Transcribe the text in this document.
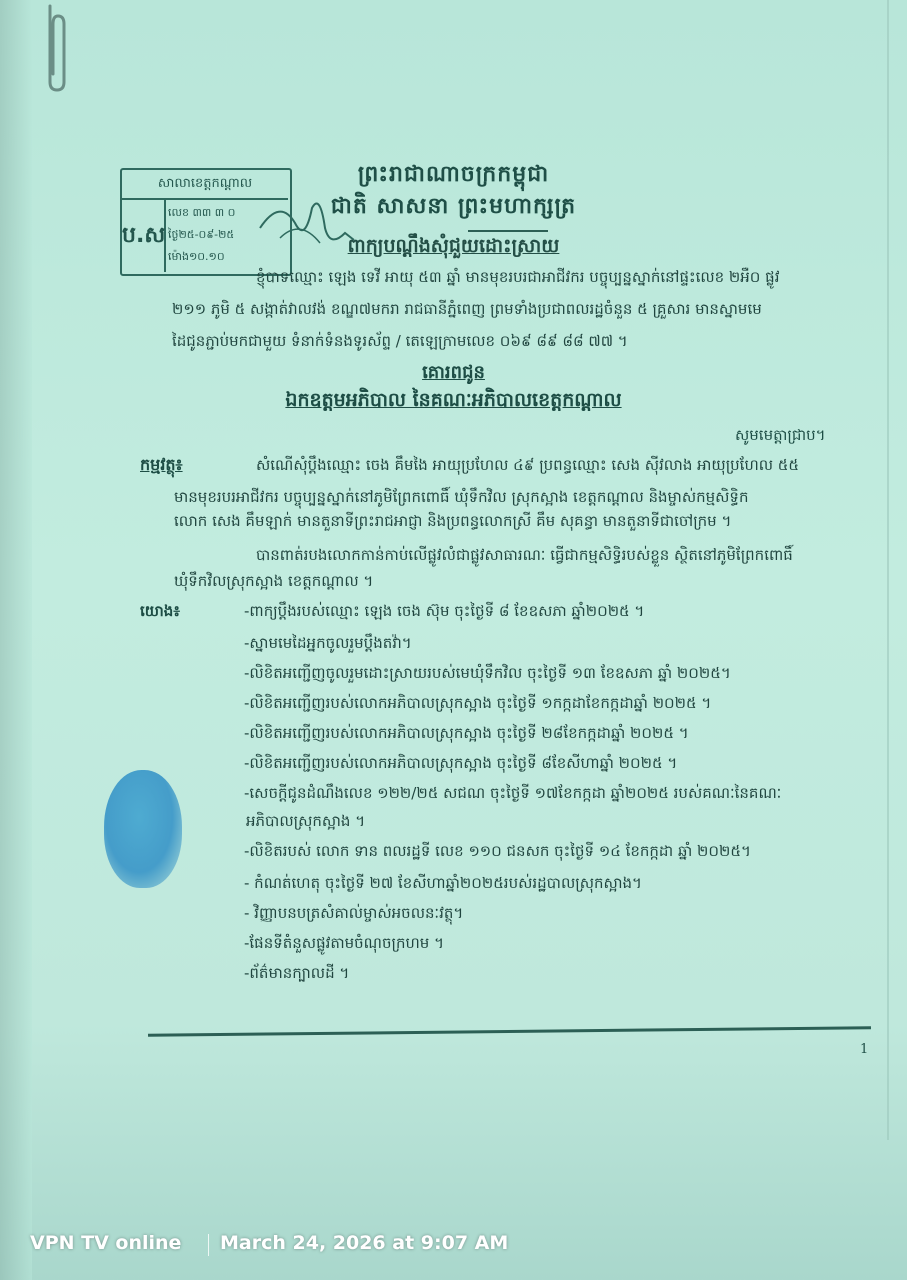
សាលាខេត្តកណ្តាល
ប.ស
លេខ ៣៣ ៣ ០
ថ្ងៃ២៥-០៩-២៥
ម៉ោង១០.១០
ព្រះរាជាណាចក្រកម្ពុជា
ជាតិ សាសនា ព្រះមហាក្សត្រ
ពាក្យបណ្តឹងសុំជួយដោះស្រាយ
ខ្ញុំបាទឈ្មោះ ឡេង ទេវី អាយុ ៥៣ ឆ្នាំ មានមុខរបរជាអាជីវករ បច្ចុប្បន្នស្នាក់នៅផ្ទះលេខ ២អឺ០ ផ្លូវ
២១១ ភូមិ ៥ សង្កាត់វាលវង់ ខណ្ឌ៧មករា រាជធានីភ្នំពេញ ព្រមទាំងប្រជាពលរដ្ឋចំនួន ៥ គ្រួសារ មានស្នាមមេ
ដៃជូនភ្ជាប់មកជាមួយ ទំនាក់ទំនងទូរស័ព្ទ / តេឡេក្រាមលេខ ០៦៩ ៨៩ ៨៨ ៧៧ ។
គោរពជូន
ឯកឧត្តមអភិបាល នៃគណៈអភិបាលខេត្តកណ្តាល
សូមមេត្តាជ្រាប។
កម្មវត្ថុ៖	សំណើសុំប្តឹងឈ្មោះ ចេង គឹមងៃ អាយុប្រហែល ៤៩ ប្រពន្ធឈ្មោះ សេង ស៊ីវលាង អាយុប្រហែល ៥៥
មានមុខរបរអាជីវករ បច្ចុប្បន្នស្នាក់នៅភូមិព្រែកពោធិ៍ ឃុំទឹកវិល ស្រុកស្អាង ខេត្តកណ្តាល និងម្ចាស់កម្មសិទ្ធិក
លោក សេង គឹមឡាក់ មានតួនាទីព្រះរាជអាជ្ញា និងប្រពន្ធលោកស្រី គឹម សុគន្ធា មានតួនាទីជាចៅក្រម ។
បានពាត់របងលោកកាន់កាប់លើផ្លូវលំជាផ្លូវសាធារណៈ ធ្វើជាកម្មសិទ្ធិរបស់ខ្លួន ស្ថិតនៅភូមិព្រែកពោធិ៍
ឃុំទឹកវិលស្រុកស្អាង ខេត្តកណ្តាល ។
យោង៖	-ពាក្យប្តឹងរបស់ឈ្មោះ ឡេង ចេង ស៊ុម ចុះថ្ងៃទី ៨ ខែឧសភា ឆ្នាំ២០២៥ ។
-ស្នាមមេដៃអ្នកចូលរួមប្តឹងតវ៉ា។
-លិខិតអញ្ជើញចូលរួមដោះស្រាយរបស់មេឃុំទឹកវិល ចុះថ្ងៃទី ១៣ ខែឧសភា ឆ្នាំ ២០២៥។
-លិខិតអញ្ជើញរបស់លោកអភិបាលស្រុកស្អាង ចុះថ្ងៃទី ១កក្កដាខែកក្កដាឆ្នាំ ២០២៥ ។
-លិខិតអញ្ជើញរបស់លោកអភិបាលស្រុកស្អាង ចុះថ្ងៃទី ២៨ខែកក្កដាឆ្នាំ ២០២៥ ។
-លិខិតអញ្ជើញរបស់លោកអភិបាលស្រុកស្អាង ចុះថ្ងៃទី ៨ខែសីហាឆ្នាំ ២០២៥ ។
-សេចក្តីជូនដំណឹងលេខ ១២២/២៥ សជណ ចុះថ្ងៃទី ១៧ខែកក្កដា ឆ្នាំ២០២៥ របស់គណៈនៃគណៈ
អភិបាលស្រុកស្អាង ។
-លិខិតរបស់ លោក ទាន ពលរដ្ឋទី លេខ ១១០ ជនសក ចុះថ្ងៃទី ១៤ ខែកក្កដា ឆ្នាំ ២០២៥។
- កំណត់ហេតុ ចុះថ្ងៃទី ២៧ ខែសីហាឆ្នាំ២០២៥របស់រដ្ឋបាលស្រុកស្អាង។
- វិញ្ញាបនបត្រសំគាល់ម្ចាស់អចលនៈវត្ថុ។
-ផែនទីតំនួសផ្លូវតាមចំណុចក្រហម ។
-ព័ត៌មានក្បាលដី ។
1
VPN TV online March 24, 2026 at 9:07 AM
